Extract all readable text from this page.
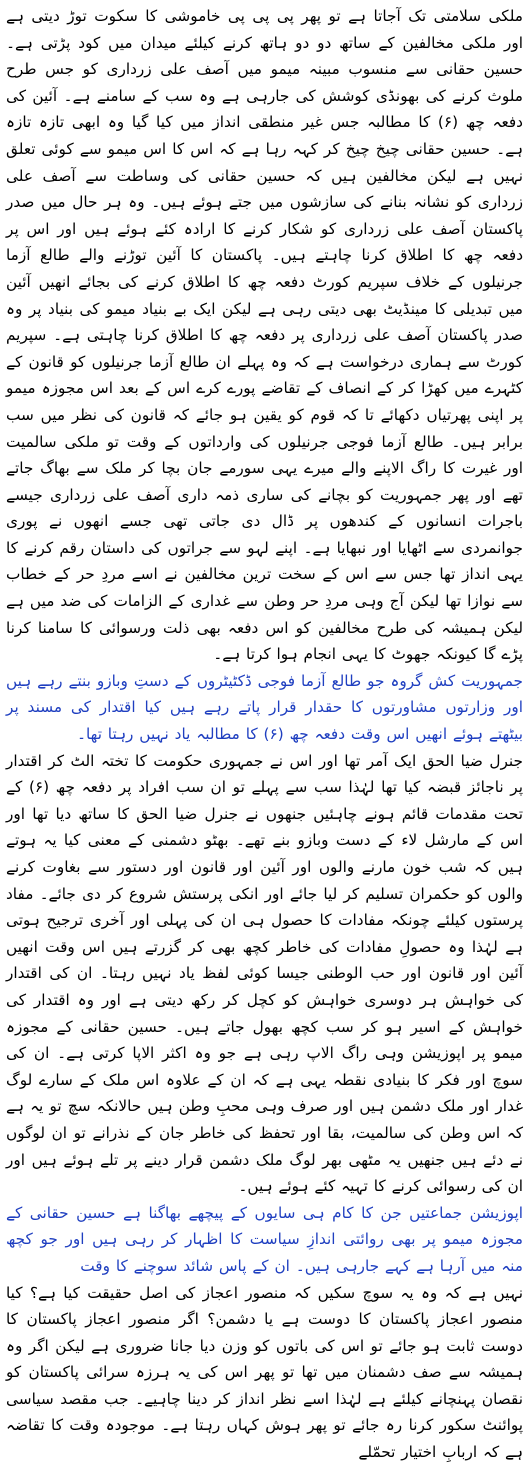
ملکی سلامتی تک آجاتا ہے تو پھر پی پی پی خاموشی کا سکوت توڑ دیتی ہے اور ملکی مخالفین کے ساتھ دو دو ہاتھ کرنے کیلئے میدان میں کود پڑتی ہے۔ حسین حقانی سے منسوب مبینہ میمو میں آصف علی زرداری کو جس طرح ملوث کرنے کی بھونڈی کوشش کی جارہی ہے وہ سب کے سامنے ہے۔ آئین کی دفعہ چھ (۶) کا مطالبہ جس غیر منطقی انداز میں کیا گیا وہ ابھی تازہ تازہ ہے۔ حسین حقانی چیخ چیخ کر کہہ رہا ہے کہ اس کا اس میمو سے کوئی تعلق نہیں ہے لیکن مخالفین ہیں کہ حسین حقانی کی وساطت سے آصف علی زرداری کو نشانہ بنانے کی سازشوں میں جتے ہوئے ہیں۔ وہ ہر حال میں صدر پاکستان آصف علی زرداری کو شکار کرنے کا ارادہ کئے ہوئے ہیں اور اس پر دفعہ چھ کا اطلاق کرنا چاہتے ہیں۔ پاکستان کا آئین توڑنے والے طالع آزما جرنیلوں کے خلاف سپریم کورٹ دفعہ چھ کا اطلاق کرنے کی بجائے انھیں آئین میں تبدیلی کا مینڈیٹ بھی دیتی رہی ہے لیکن ایک بے بنیاد میمو کی بنیاد پر وہ صدر پاکستان آصف علی زرداری پر دفعہ چھ کا اطلاق کرنا چاہتی ہے۔ سپریم کورٹ سے ہماری درخواست ہے کہ وہ پہلے ان طالع آزما جرنیلوں کو قانون کے کٹہرے میں کھڑا کر کے انصاف کے تقاضے پورے کرے اس کے بعد اس مجوزہ میمو پر اپنی پھرتیاں دکھائے تا کہ قوم کو یقین ہو جائے کہ قانون کی نظر میں سب برابر ہیں۔ طالع آزما فوجی جرنیلوں کی وارداتوں کے وقت تو ملکی سالمیت اور غیرت کا راگ الاپنے والے میرے یہی سورمے جان بچا کر ملک سے بھاگ جاتے تھے اور پھر جمہوریت کو بچانے کی ساری ذمہ داری آصف علی زرداری جیسے باجرات انسانوں کے کندھوں پر ڈال دی جاتی تھی جسے انھوں نے پوری جوانمردی سے اٹھایا اور نبھایا ہے۔ اپنے لہو سے جراتوں کی داستان رقم کرنے کا یہی انداز تھا جس سے اس کے سخت ترین مخالفین نے اسے مردِ حر کے خطاب سے نوازا تھا لیکن آج وہی مردِ حر وطن سے غداری کے الزامات کی ضد میں ہے لیکن ہمیشہ کی طرح مخالفین کو اس دفعہ بھی ذلت ورسوائی کا سامنا کرنا پڑے گا کیونکہ جھوٹ کا یہی انجام ہوا کرتا ہے۔

جمہوریت کش گروہ جو طالع آزما فوجی ڈکٹیٹروں کے دستِ وبازو بنتے رہے ہیں اور وزارتوں مشاورتوں کا حقدار قرار پاتے رہے ہیں کیا اقتدار کی مسند پر بیٹھتے ہوئے انھیں اس وقت دفعہ چھ (۶) کا مطالبہ یاد نہیں رہتا تھا۔

جنرل ضیا الحق ایک آمر تھا اور اس نے جمہوری حکومت کا تختہ الٹ کر اقتدار پر ناجائز قبضہ کیا تھا لہٰذا سب سے پہلے تو ان سب افراد پر دفعہ چھ (۶) کے تحت مقدمات قائم ہونے چاہئیں جنھوں نے جنرل ضیا الحق کا ساتھ دیا تھا اور اس کے مارشل لاء کے دست وبازو بنے تھے۔ بھٹو دشمنی کے معنی کیا یہ ہوتے ہیں کہ شب خون مارنے والوں اور آئین اور قانون اور دستور سے بغاوت کرنے والوں کو حکمران تسلیم کر لیا جائے اور انکی پرستش شروع کر دی جائے۔ مفاد پرستوں کیلئے چونکہ مفادات کا حصول ہی ان کی پہلی اور آخری ترجیح ہوتی ہے لہٰذا وہ حصولِ مفادات کی خاطر کچھ بھی کر گزرتے ہیں اس وقت انھیں آئین اور قانون اور حب الوطنی جیسا کوئی لفظ یاد نہیں رہتا۔ ان کی اقتدار کی خواہش ہر دوسری خواہش کو کچل کر رکھ دیتی ہے اور وہ اقتدار کی خواہش کے اسیر ہو کر سب کچھ بھول جاتے ہیں۔ حسین حقانی کے مجوزہ میمو پر اپوزیشن وہی راگ الاپ رہی ہے جو وہ اکثر الاپا کرتی ہے۔ ان کی سوچ اور فکر کا بنیادی نقطہ یہی ہے کہ ان کے علاوہ اس ملک کے سارے لوگ غدار اور ملک دشمن ہیں اور صرف وہی محبِ وطن ہیں حالانکہ سچ تو یہ ہے کہ اس وطن کی سالمیت، بقا اور تحفظ کی خاطر جان کے نذرانے تو ان لوگوں نے دئے ہیں جنھیں یہ مٹھی بھر لوگ ملک دشمن قرار دینے پر تلے ہوئے ہیں اور ان کی رسوائی کرنے کا تہیہ کئے ہوئے ہیں۔

اپوزیشن جماعتیں جن کا کام ہی سایوں کے پیچھے بھاگنا ہے حسین حقانی کے مجوزہ میمو پر بھی روائتی اندازِ سیاست کا اظہار کر رہی ہیں اور جو کچھ منہ میں آرہا ہے کہے جارہی ہیں۔ ان کے پاس شائد سوچنے کا وقت

نہیں ہے کہ وہ یہ سوچ سکیں کہ منصور اعجاز کی اصل حقیقت کیا ہے؟ کیا منصور اعجاز پاکستان کا دوست ہے یا دشمن؟ اگر منصور اعجاز پاکستان کا دوست ثابت ہو جائے تو اس کی باتوں کو وزن دیا جانا ضروری ہے لیکن اگر وہ ہمیشہ سے صف دشمنان میں تھا تو پھر اس کی یہ ہرزہ سرائی پاکستان کو نقصان پہنچانے کیلئے ہے لہٰذا اسے نظر انداز کر دینا چاہیے۔ جب مقصد سیاسی پوائنٹ سکور کرنا رہ جائے تو پھر ہوش کہاں رہتا ہے۔ موجودہ وقت کا تقاضہ ہے کہ اربابِ اختیار تحمّلے
